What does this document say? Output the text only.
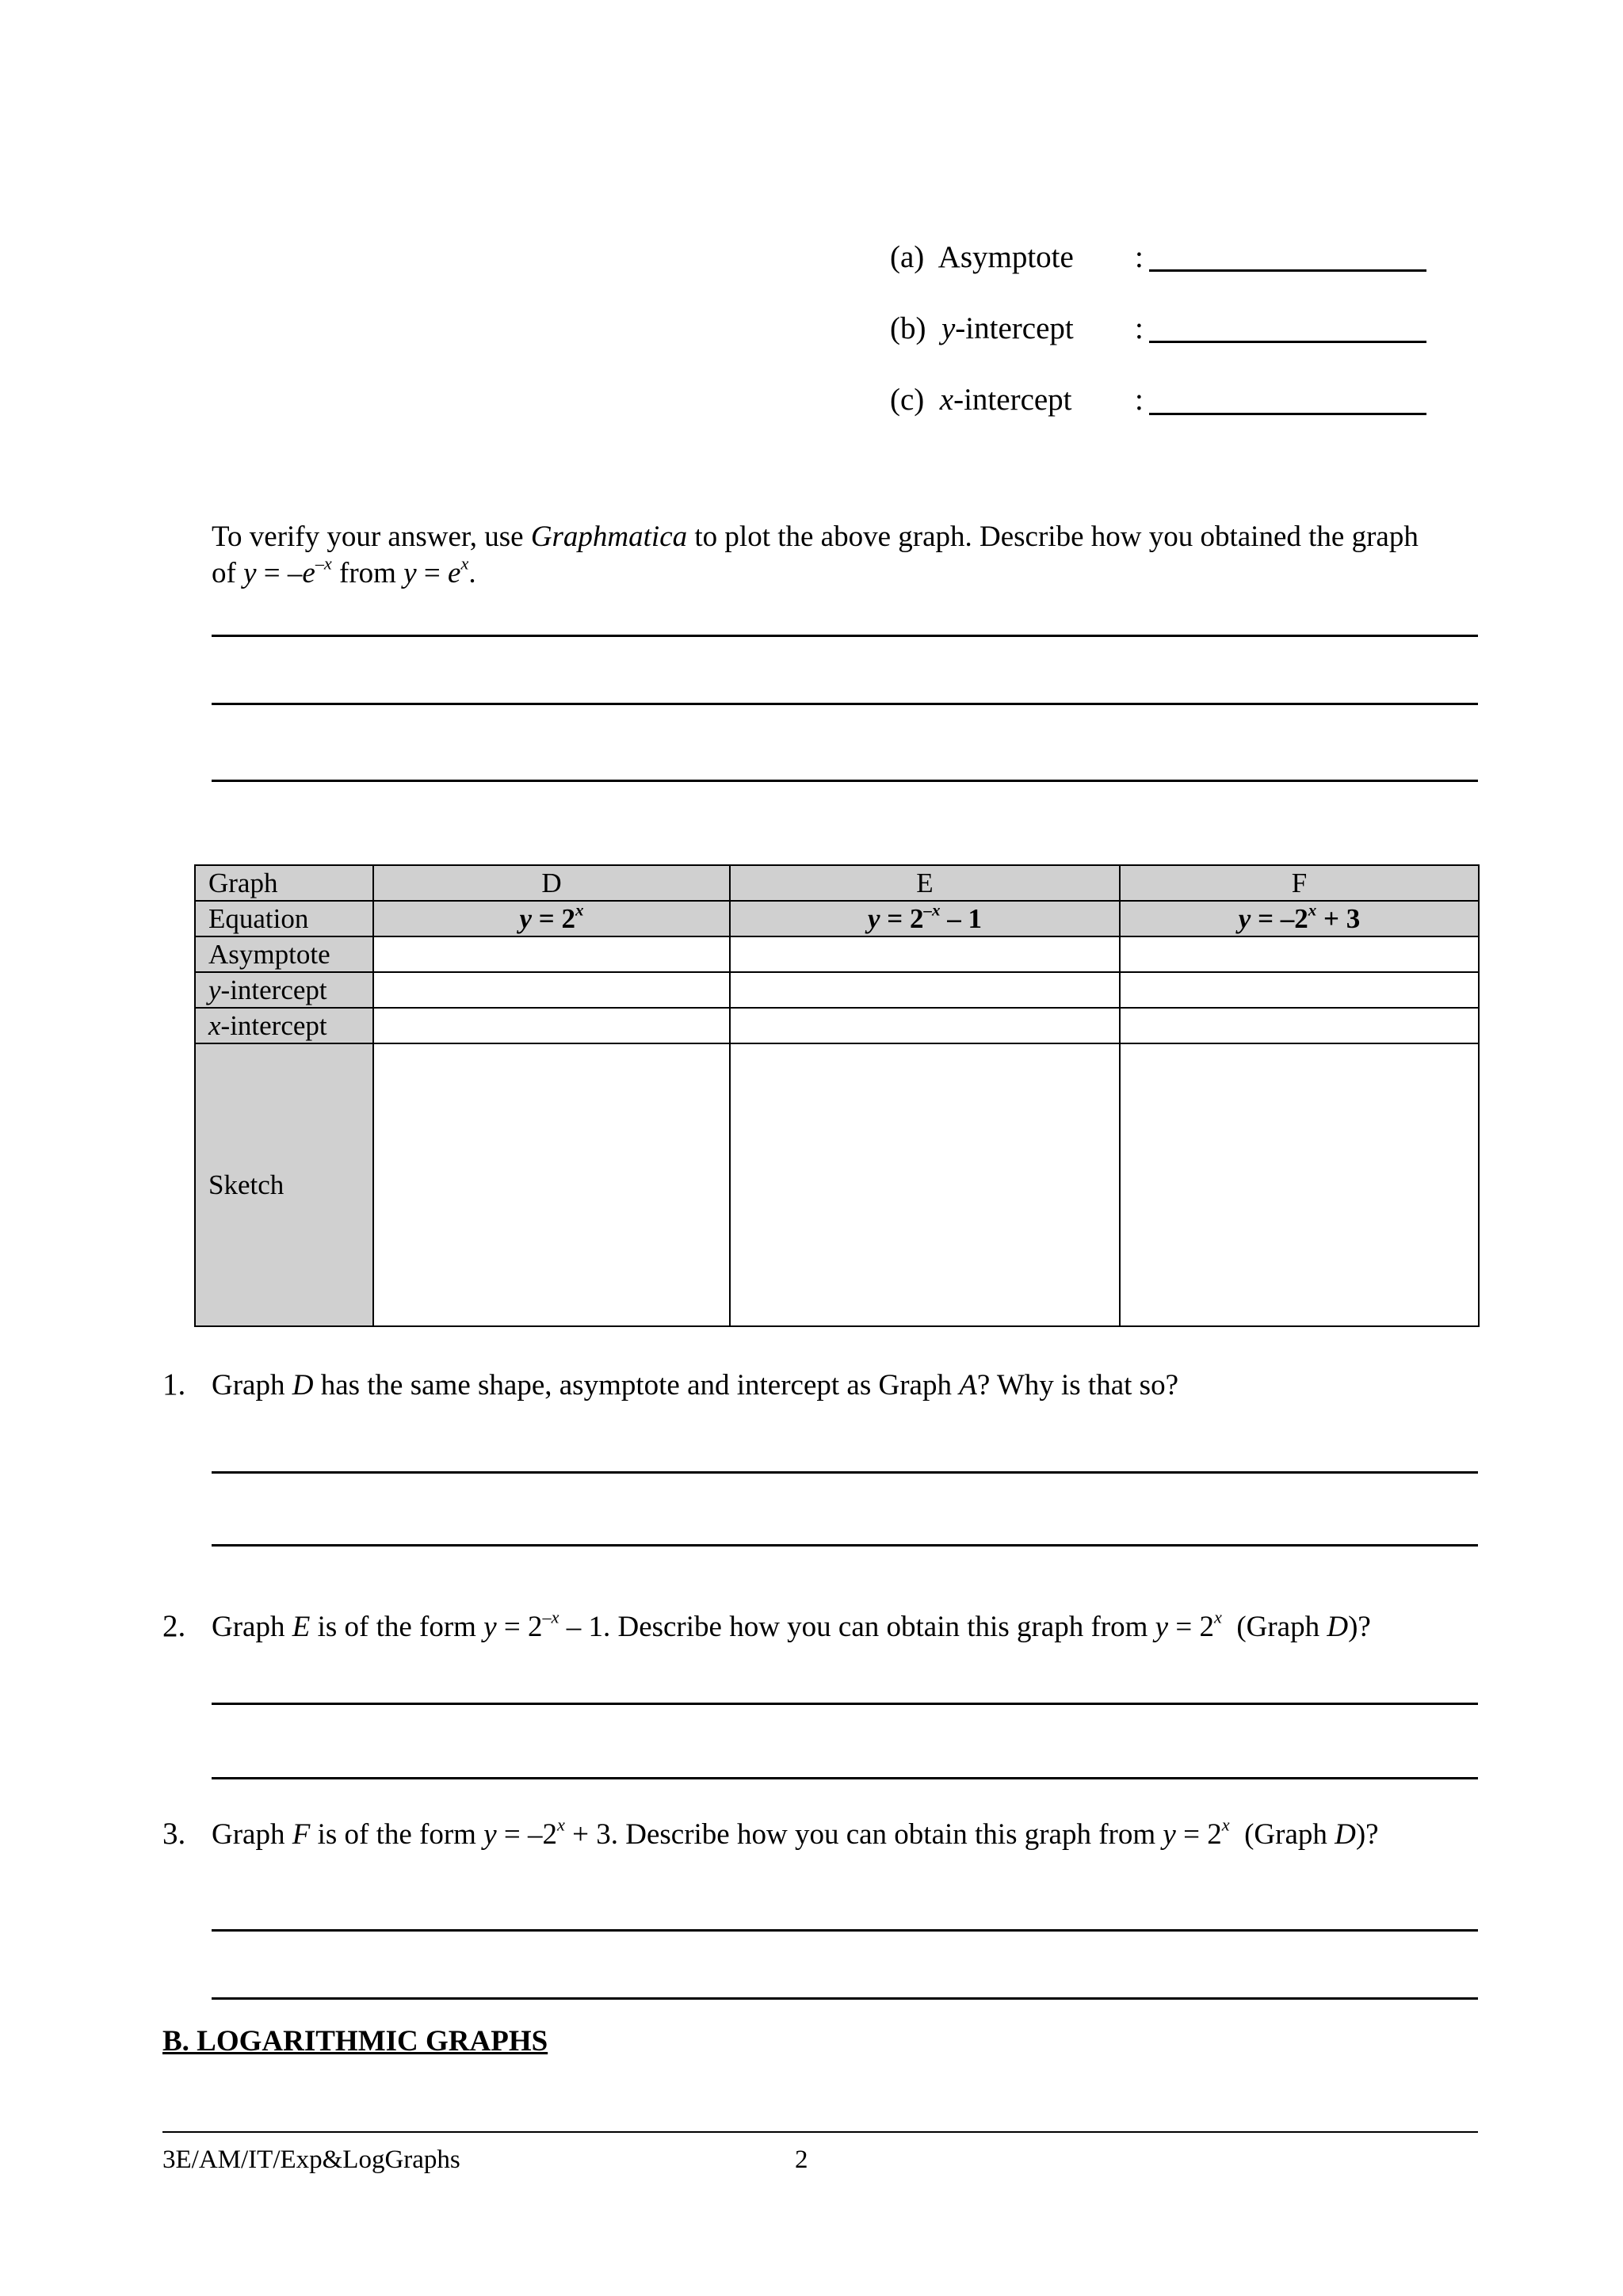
(a) Asymptote :
(b) y-intercept :
(c) x-intercept :
To verify your answer, use Graphmatica to plot the above graph. Describe how you obtained the graph
of $y = -e^{-x}$ from $y = e^x$.
Graph	D	E	F
Equation	$y = 2^x$	$y = 2^{-x} - 1$	$y = -2^x + 3$
Asymptote			
y-intercept			
x-intercept			
Sketch			
1. Graph D has the same shape, asymptote and intercept as Graph A? Why is that so?
2. Graph E is of the form $y = 2^{-x} - 1$. Describe how you can obtain this graph from $y = 2^x$  (Graph D)?
3. Graph F is of the form $y = -2^x + 3$. Describe how you can obtain this graph from $y = 2^x$  (Graph D)?
B. LOGARITHMIC GRAPHS
3E/AM/IT/Exp&LogGraphs	2
